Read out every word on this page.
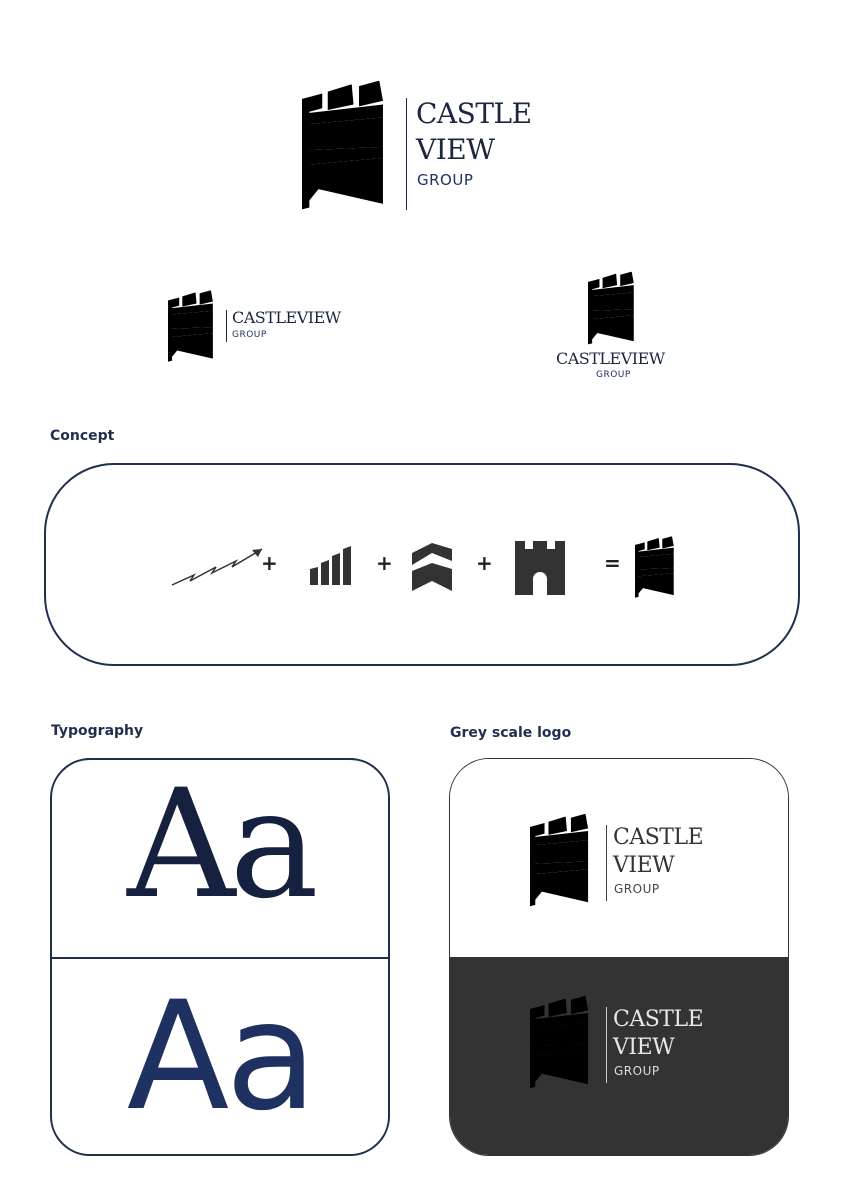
CASTLE
VIEW
GROUP
CASTLEVIEW
GROUP
CASTLEVIEW
GROUP
Concept
+	+	+	=
Typography
Aa
Aa
Grey scale logo
CASTLE
VIEW
GROUP
CASTLE
VIEW
GROUP
